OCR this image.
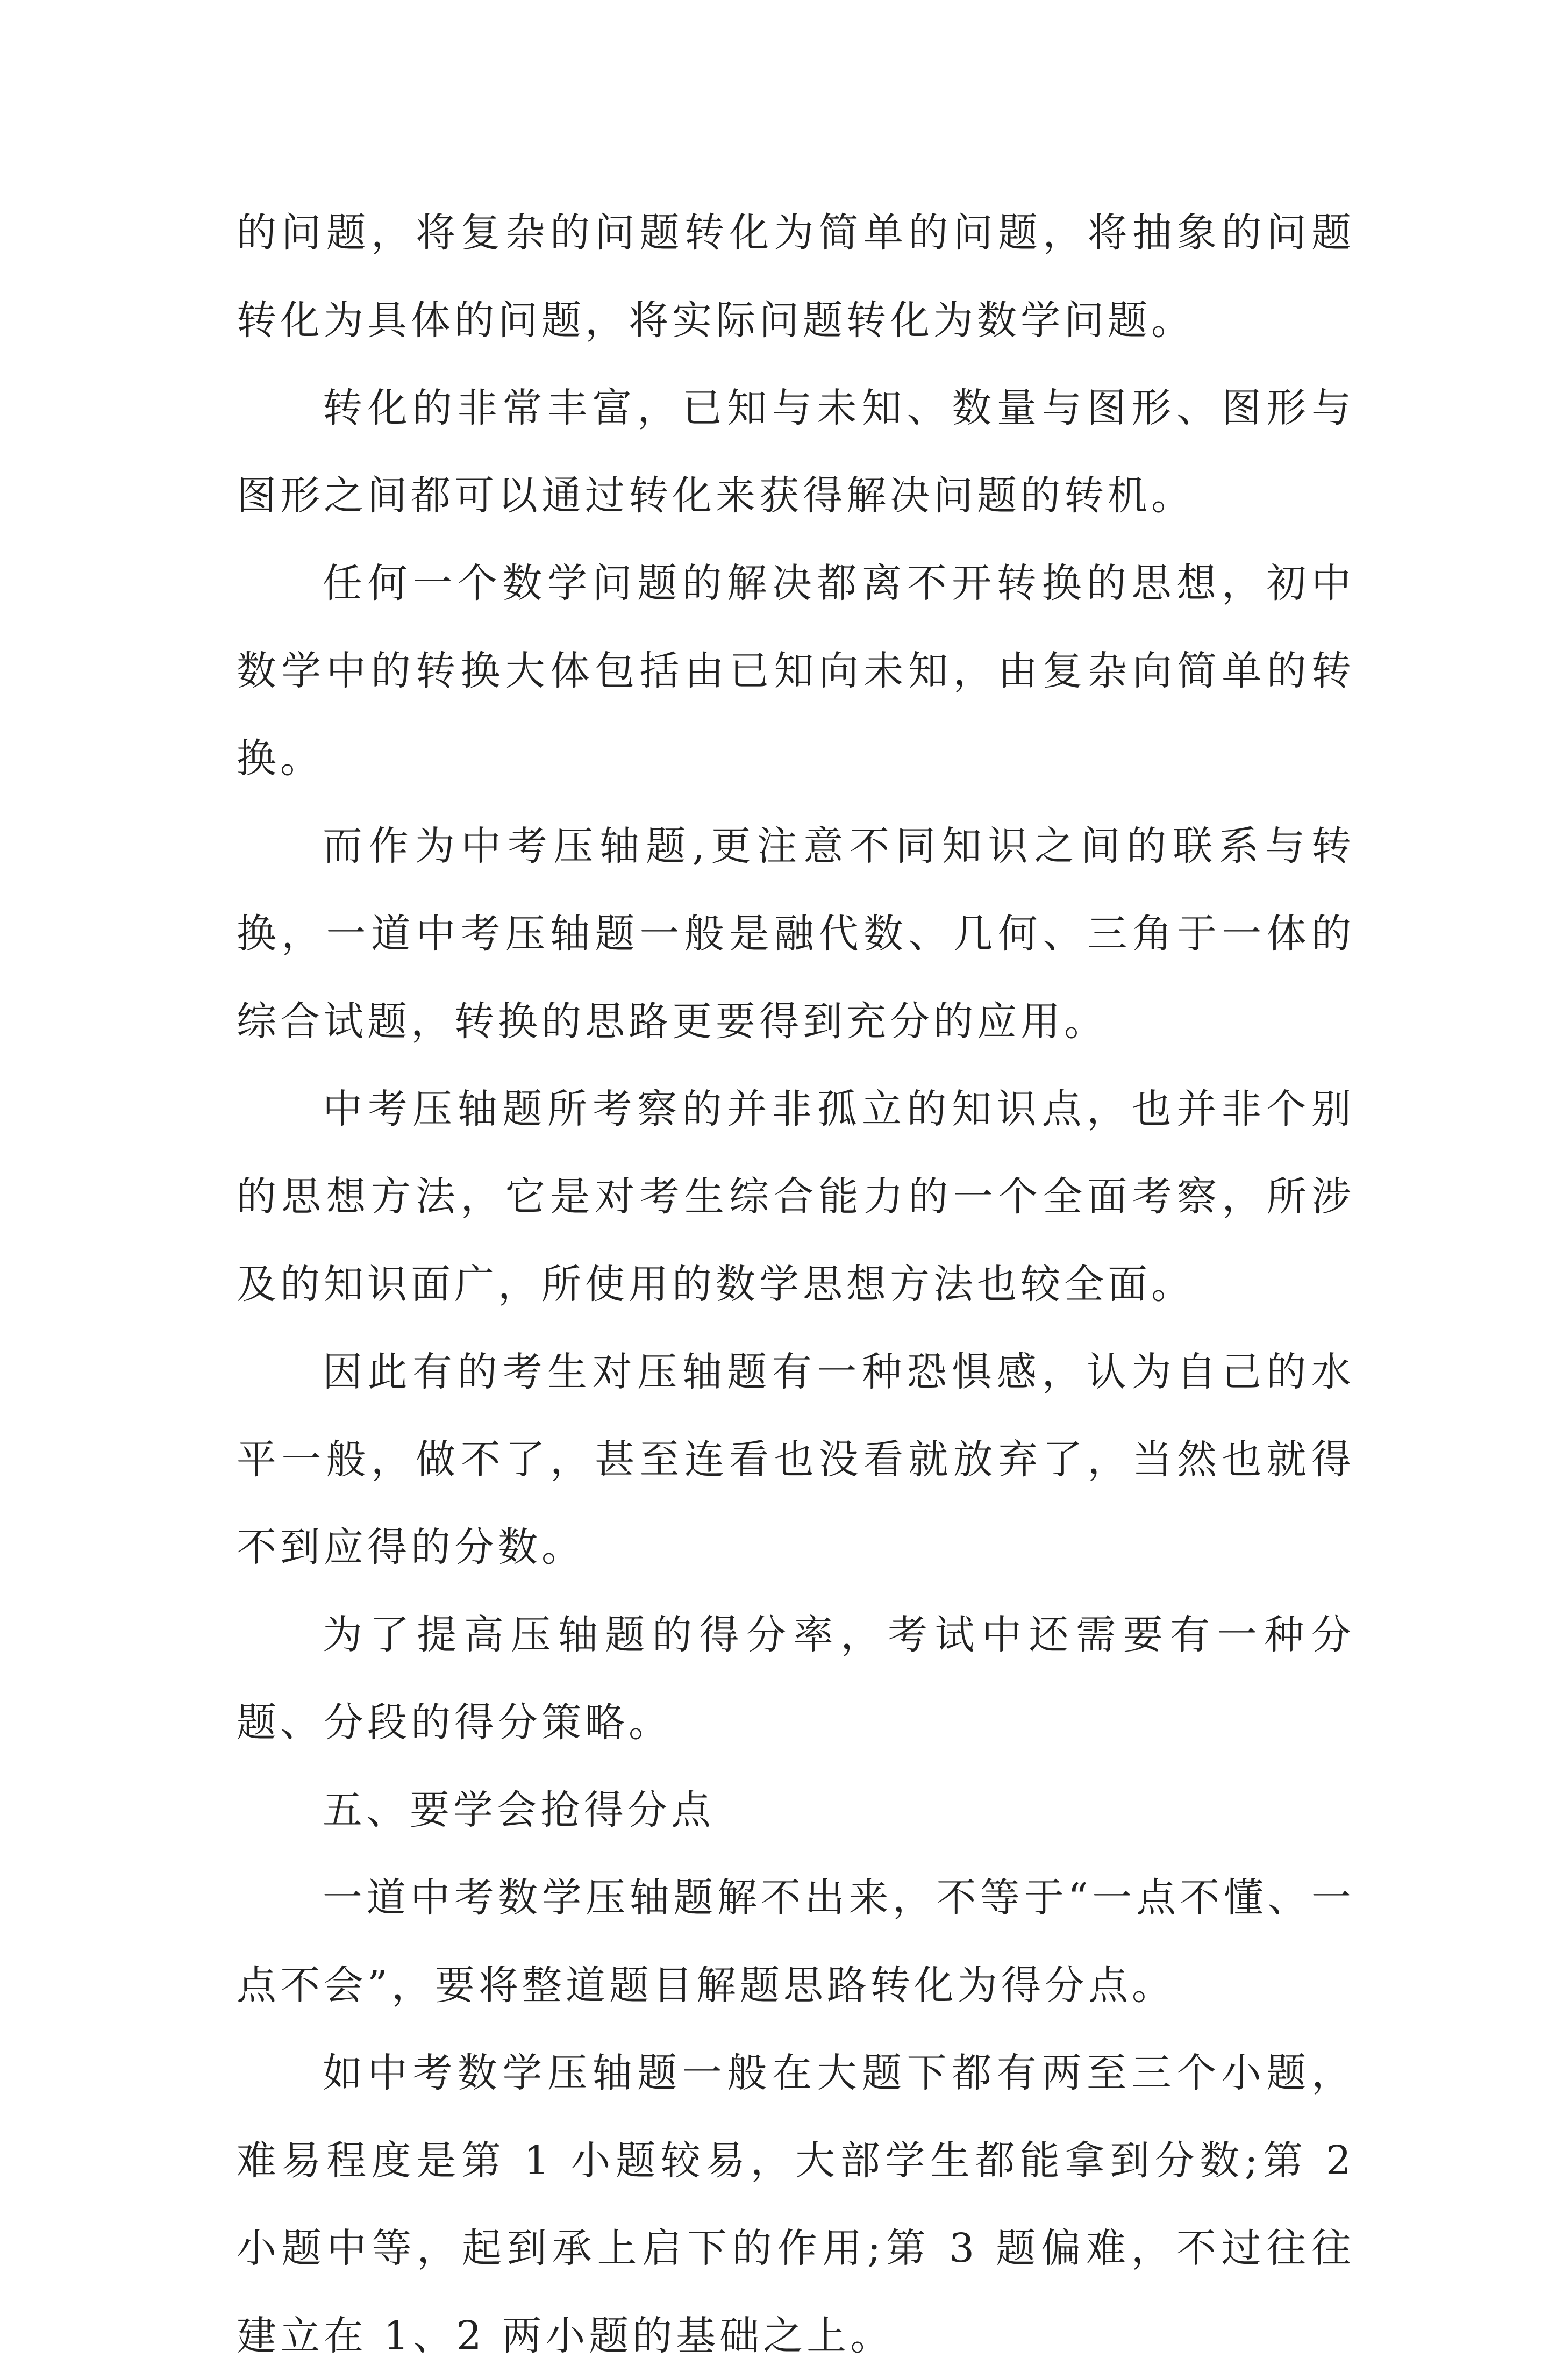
的问题，将复杂的问题转化为简单的问题，将抽象的问题转化为具体的问题，将实际问题转化为数学问题。

转化的非常丰富，已知与未知、数量与图形、图形与图形之间都可以通过转化来获得解决问题的转机。

任何一个数学问题的解决都离不开转换的思想，初中数学中的转换大体包括由已知向未知，由复杂向简单的转换。

而作为中考压轴题,更注意不同知识之间的联系与转换，一道中考压轴题一般是融代数、几何、三角于一体的综合试题，转换的思路更要得到充分的应用。

中考压轴题所考察的并非孤立的知识点，也并非个别的思想方法，它是对考生综合能力的一个全面考察，所涉及的知识面广，所使用的数学思想方法也较全面。

因此有的考生对压轴题有一种恐惧感，认为自己的水平一般，做不了，甚至连看也没看就放弃了，当然也就得不到应得的分数。

为了提高压轴题的得分率，考试中还需要有一种分题、分段的得分策略。

五、要学会抢得分点

一道中考数学压轴题解不出来，不等于“一点不懂、一点不会”，要将整道题目解题思路转化为得分点。

如中考数学压轴题一般在大题下都有两至三个小题，难易程度是第 1 小题较易，大部学生都能拿到分数;第 2 小题中等，起到承上启下的作用;第 3 题偏难，不过往往建立在 1、2 两小题的基础之上。
